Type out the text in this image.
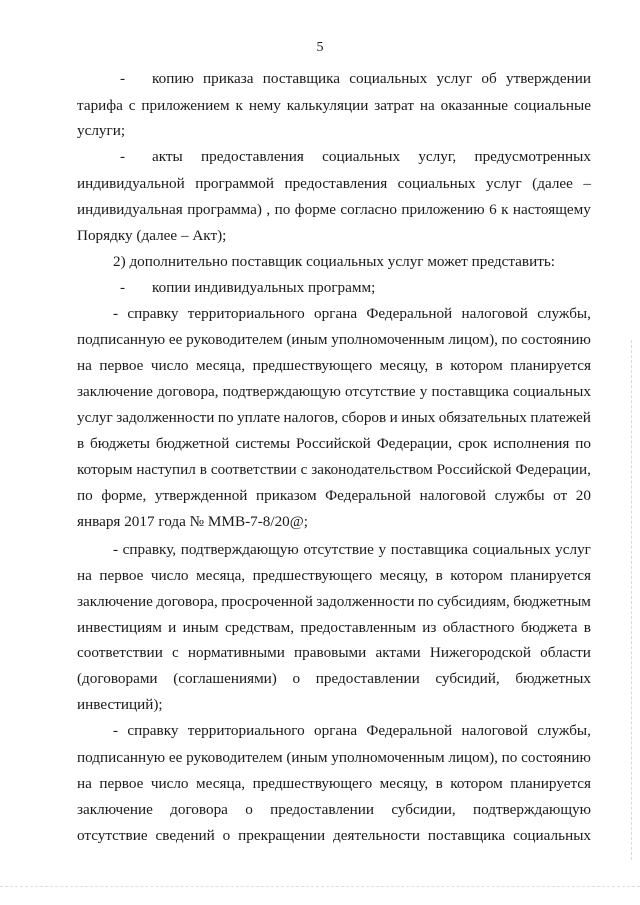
5
- копию приказа поставщика социальных услуг об утверждении
тарифа с приложением к нему калькуляции затрат на оказанные социальные
услуги;
- акты предоставления социальных услуг, предусмотренных
индивидуальной программой предоставления социальных услуг (далее –
индивидуальная программа) , по форме согласно приложению 6 к настоящему
Порядку (далее – Акт);
2) дополнительно поставщик социальных услуг может представить:
- копии индивидуальных программ;
- справку территориального органа Федеральной налоговой службы,
подписанную ее руководителем (иным уполномоченным лицом), по состоянию
на первое число месяца, предшествующего месяцу, в котором планируется
заключение договора, подтверждающую отсутствие у поставщика социальных
услуг задолженности по уплате налогов, сборов и иных обязательных платежей
в бюджеты бюджетной системы Российской Федерации, срок исполнения по
которым наступил в соответствии с законодательством Российской Федерации,
по форме, утвержденной приказом Федеральной налоговой службы от 20
января 2017 года № ММВ-7-8/20@;
- справку, подтверждающую отсутствие у поставщика социальных услуг
на первое число месяца, предшествующего месяцу, в котором планируется
заключение договора, просроченной задолженности по субсидиям, бюджетным
инвестициям и иным средствам, предоставленным из областного бюджета в
соответствии с нормативными правовыми актами Нижегородской области
(договорами (соглашениями) о предоставлении субсидий, бюджетных
инвестиций);
- справку территориального органа Федеральной налоговой службы,
подписанную ее руководителем (иным уполномоченным лицом), по состоянию
на первое число месяца, предшествующего месяцу, в котором планируется
заключение договора о предоставлении субсидии, подтверждающую
отсутствие сведений о прекращении деятельности поставщика социальных
